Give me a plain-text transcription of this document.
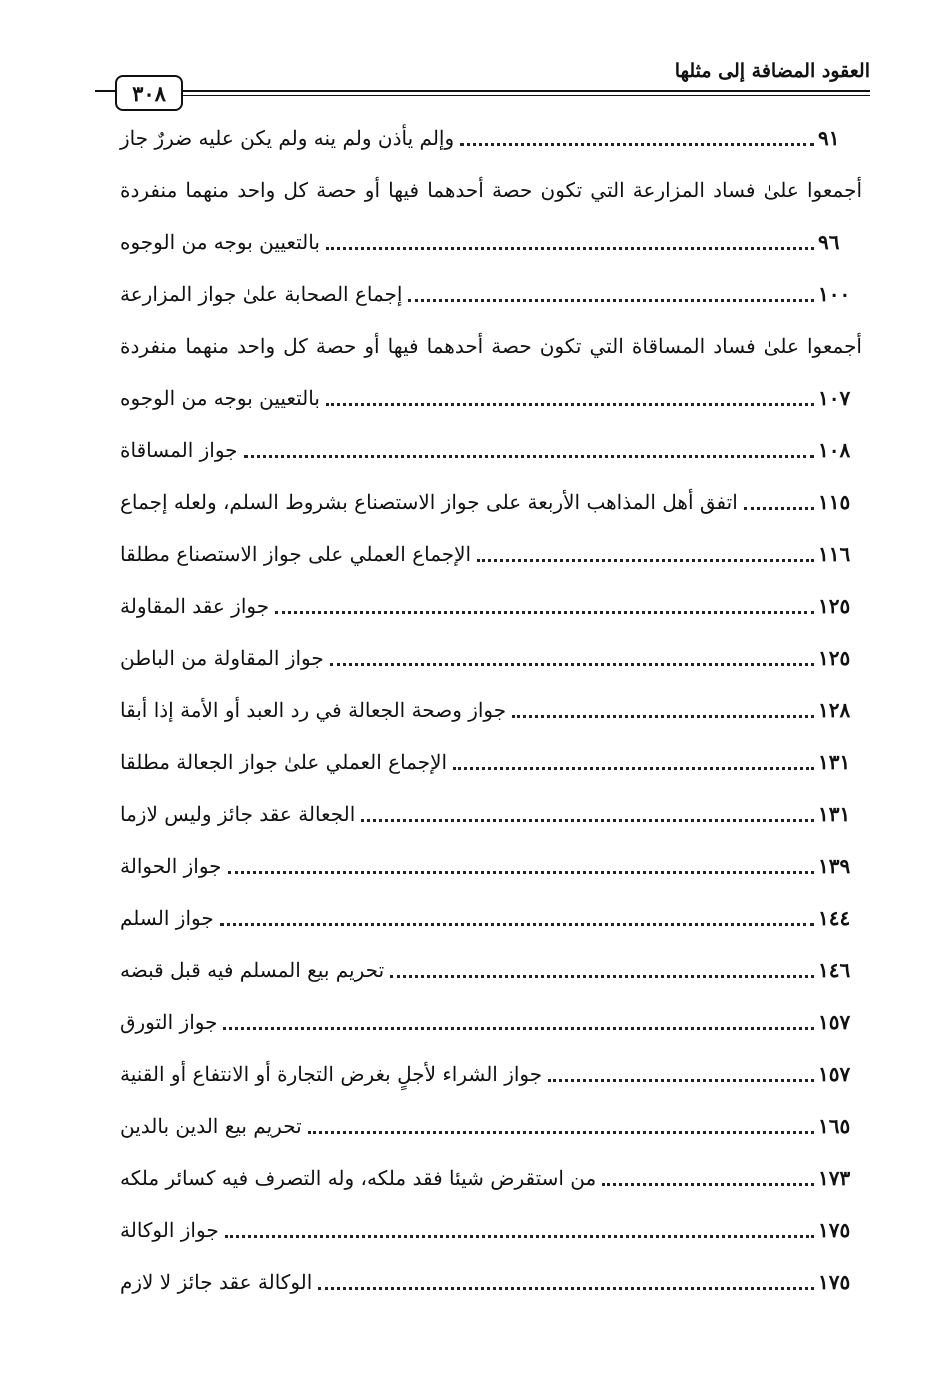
العقود المضافة إلى مثلها
٣٠٨
وإلم يأذن ولم ينه ولم يكن عليه ضررٌ جاز	٩١
أجمعوا علىٰ فساد المزارعة التي تكون حصة أحدهما فيها أو حصة كل واحد منهما منفردة
بالتعيين بوجه من الوجوه	٩٦
إجماع الصحابة علىٰ جواز المزارعة	١٠٠
أجمعوا علىٰ فساد المساقاة التي تكون حصة أحدهما فيها أو حصة كل واحد منهما منفردة
بالتعيين بوجه من الوجوه	١٠٧
جواز المساقاة	١٠٨
اتفق أهل المذاهب الأربعة على جواز الاستصناع بشروط السلم، ولعله إجماع	١١٥
الإجماع العملي على جواز الاستصناع مطلقا	١١٦
جواز عقد المقاولة	١٢٥
جواز المقاولة من الباطن	١٢٥
جواز وصحة الجعالة في رد العبد أو الأمة إذا أبقا	١٢٨
الإجماع العملي علىٰ جواز الجعالة مطلقا	١٣١
الجعالة عقد جائز وليس لازما	١٣١
جواز الحوالة	١٣٩
جواز السلم	١٤٤
تحريم بيع المسلم فيه قبل قبضه	١٤٦
جواز التورق	١٥٧
جواز الشراء لأجلٍ بغرض التجارة أو الانتفاع أو القنية	١٥٧
تحريم بيع الدين بالدين	١٦٥
من استقرض شيئا فقد ملكه، وله التصرف فيه كسائر ملكه	١٧٣
جواز الوكالة	١٧٥
الوكالة عقد جائز لا لازم	١٧٥
